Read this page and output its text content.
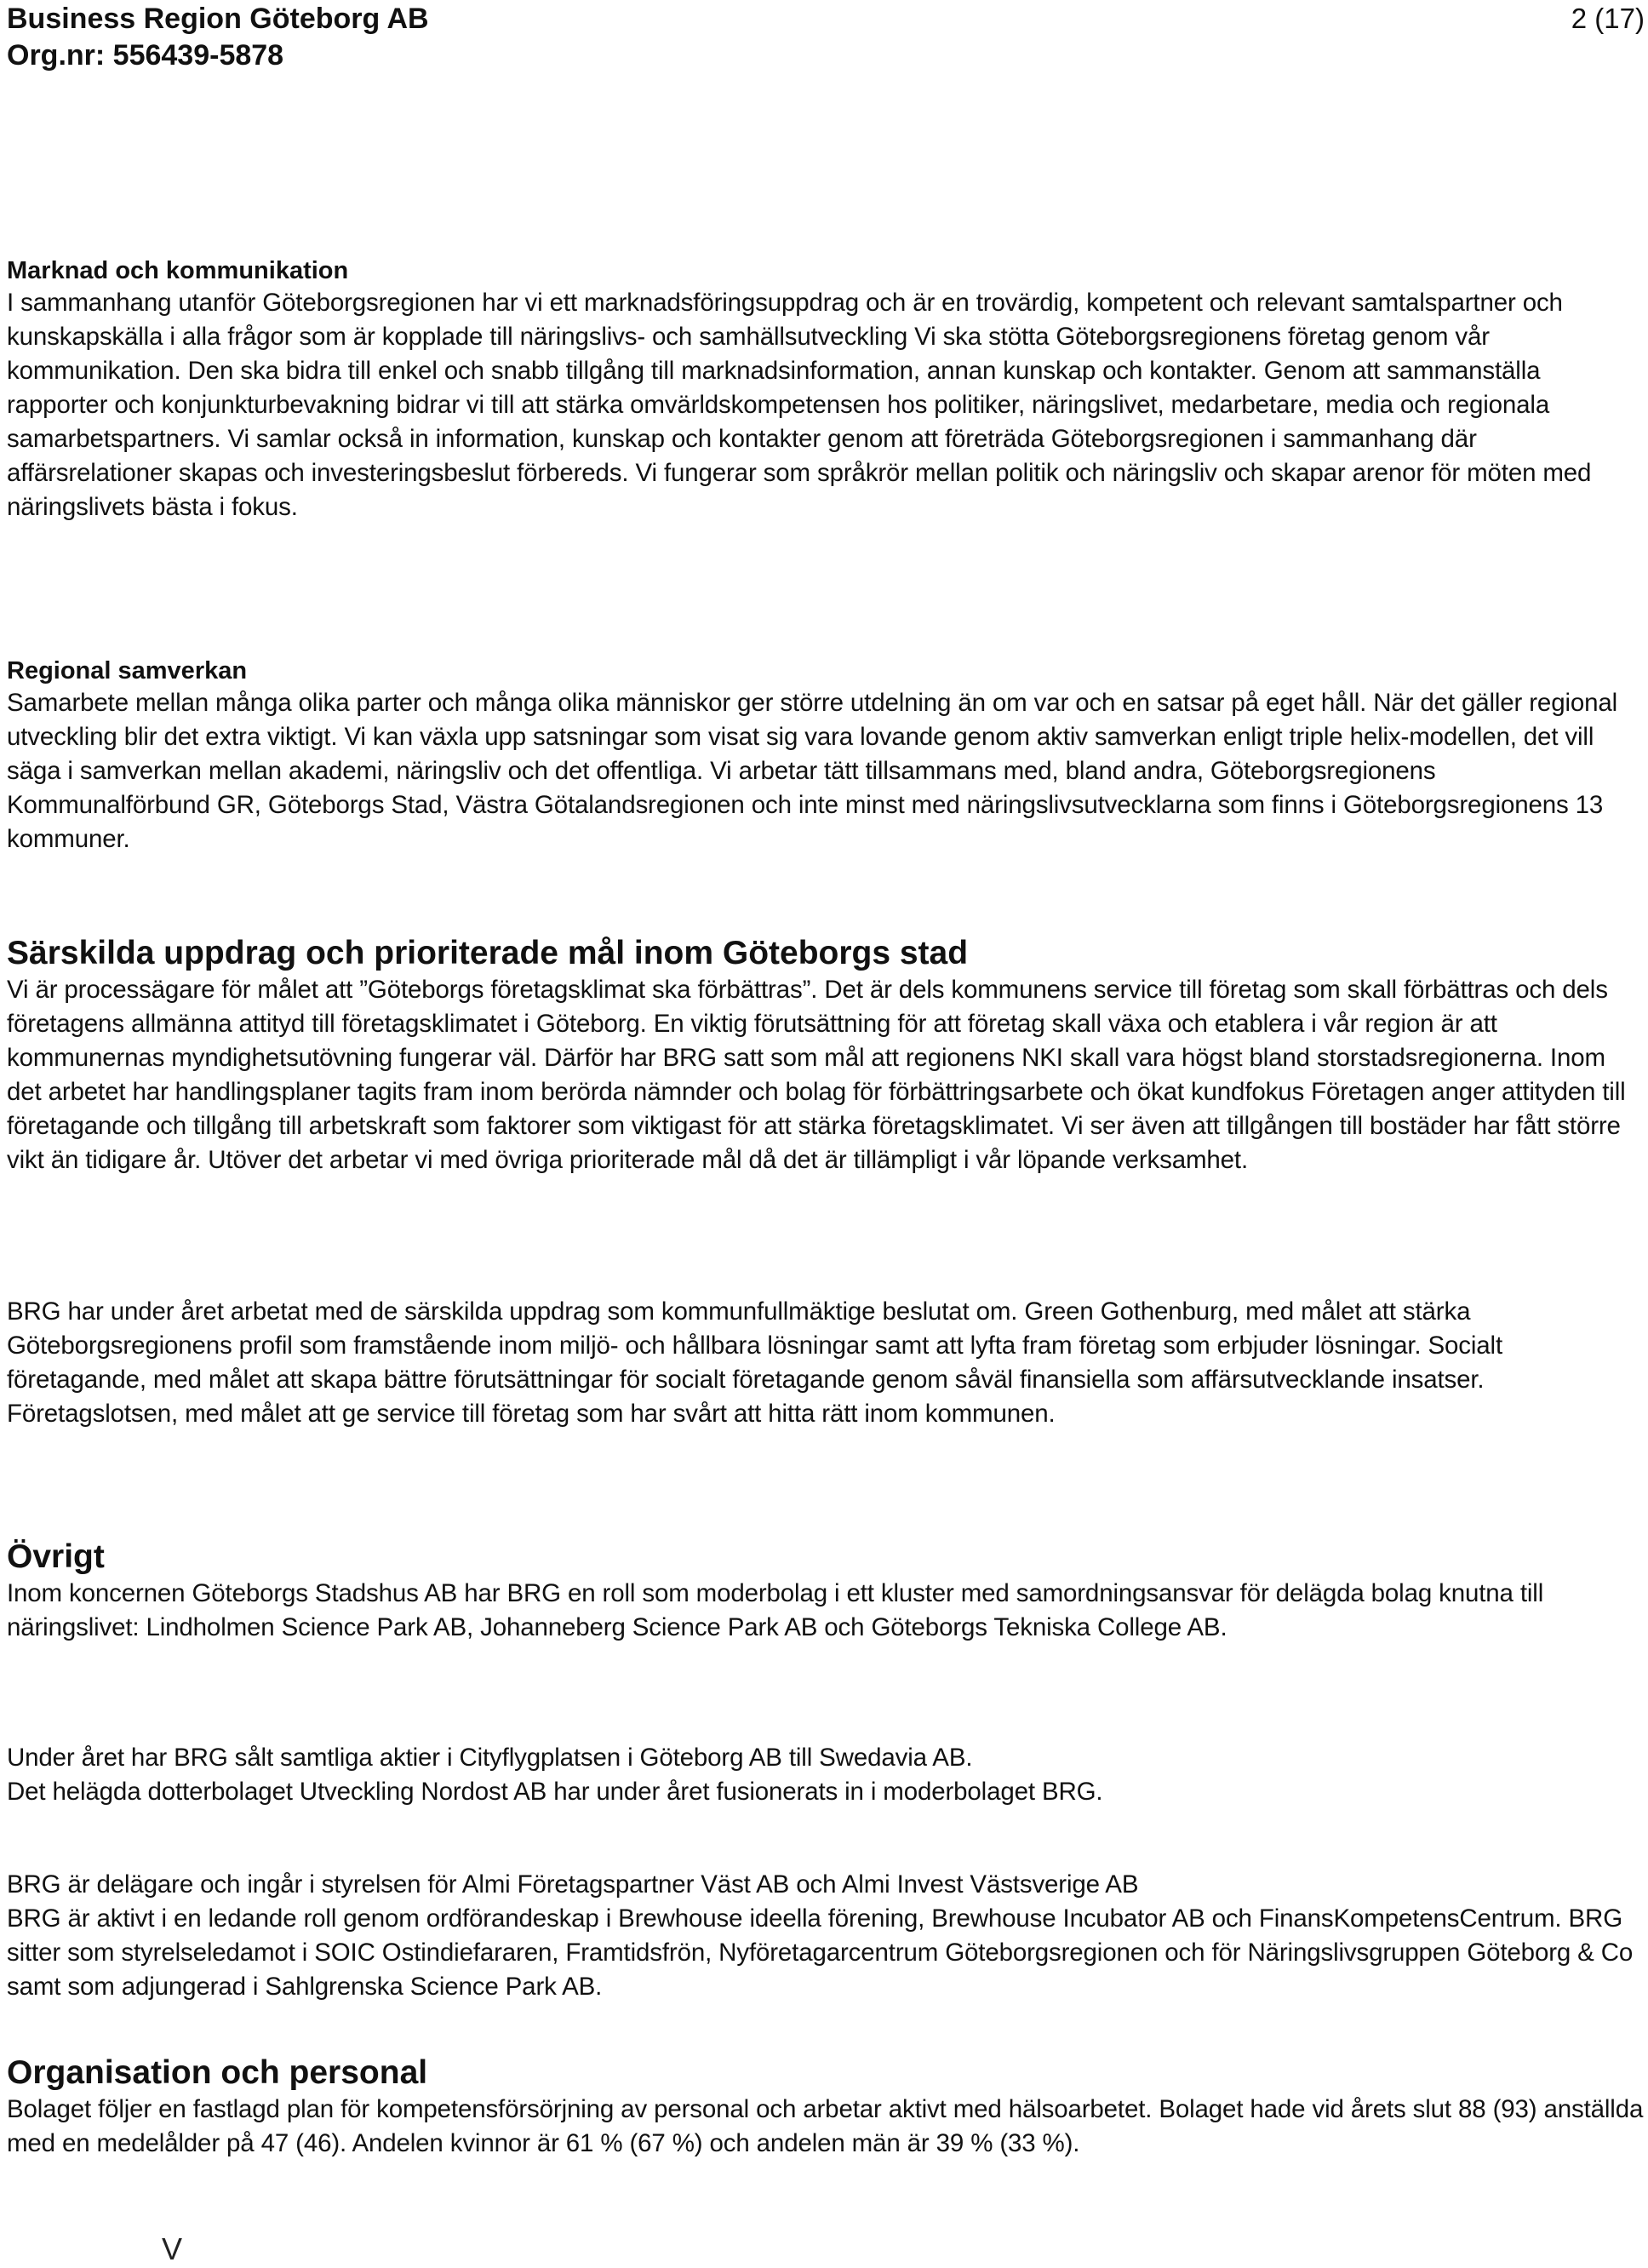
Business Region Göteborg AB

Org.nr: 556439-5878

2 (17)

Marknad och kommunikation

I sammanhang utanför Göteborgsregionen har vi ett marknadsföringsuppdrag och är en trovärdig, kompetent och relevant samtalspartner och kunskapskälla i alla frågor som är kopplade till näringslivs- och samhällsutveckling Vi ska stötta Göteborgsregionens företag genom vår kommunikation. Den ska bidra till enkel och snabb tillgång till marknadsinformation, annan kunskap och kontakter. Genom att sammanställa rapporter och konjunkturbevakning bidrar vi till att stärka omvärldskompetensen hos politiker, näringslivet, medarbetare, media och regionala samarbetspartners. Vi samlar också in information, kunskap och kontakter genom att företräda Göteborgsregionen i sammanhang där affärsrelationer skapas och investeringsbeslut förbereds. Vi fungerar som språkrör mellan politik och näringsliv och skapar arenor för möten med näringslivets bästa i fokus.

Regional samverkan

Samarbete mellan många olika parter och många olika människor ger större utdelning än om var och en satsar på eget håll. När det gäller regional utveckling blir det extra viktigt. Vi kan växla upp satsningar som visat sig vara lovande genom aktiv samverkan enligt triple helix-modellen, det vill säga i samverkan mellan akademi, näringsliv och det offentliga. Vi arbetar tätt tillsammans med, bland andra, Göteborgsregionens Kommunalförbund GR, Göteborgs Stad, Västra Götalandsregionen och inte minst med näringslivsutvecklarna som finns i Göteborgsregionens 13 kommuner.

Särskilda uppdrag och prioriterade mål inom Göteborgs stad

Vi är processägare för målet att ”Göteborgs företagsklimat ska förbättras”. Det är dels kommunens service till företag som skall förbättras och dels företagens allmänna attityd till företagsklimatet i Göteborg. En viktig förutsättning för att företag skall växa och etablera i vår region är att kommunernas myndighetsutövning fungerar väl. Därför har BRG satt som mål att regionens NKI skall vara högst bland storstadsregionerna. Inom det arbetet har handlingsplaner tagits fram inom berörda nämnder och bolag för förbättringsarbete och ökat kundfokus Företagen anger attityden till företagande och tillgång till arbetskraft som faktorer som viktigast för att stärka företagsklimatet. Vi ser även att tillgången till bostäder har fått större vikt än tidigare år. Utöver det arbetar vi med övriga prioriterade mål då det är tillämpligt i vår löpande verksamhet.

BRG har under året arbetat med de särskilda uppdrag som kommunfullmäktige beslutat om. Green Gothenburg, med målet att stärka Göteborgsregionens profil som framstående inom miljö- och hållbara lösningar samt att lyfta fram företag som erbjuder lösningar. Socialt företagande, med målet att skapa bättre förutsättningar för socialt företagande genom såväl finansiella som affärsutvecklande insatser. Företagslotsen, med målet att ge service till företag som har svårt att hitta rätt inom kommunen.

Övrigt

Inom koncernen Göteborgs Stadshus AB har BRG en roll som moderbolag i ett kluster med samordningsansvar för delägda bolag knutna till näringslivet: Lindholmen Science Park AB, Johanneberg Science Park AB och Göteborgs Tekniska College AB.

Under året har BRG sålt samtliga aktier i Cityflygplatsen i Göteborg AB till Swedavia AB.

Det helägda dotterbolaget Utveckling Nordost AB har under året fusionerats in i moderbolaget BRG.

BRG är delägare och ingår i styrelsen för Almi Företagspartner Väst AB och Almi Invest Västsverige AB

BRG är aktivt i en ledande roll genom ordförandeskap i Brewhouse ideella förening, Brewhouse Incubator AB och FinansKompetensCentrum. BRG sitter som styrelseledamot i SOIC Ostindiefararen, Framtidsfrön, Nyföretagarcentrum Göteborgsregionen och för Näringslivsgruppen Göteborg & Co samt som adjungerad i Sahlgrenska Science Park AB.

Organisation och personal

Bolaget följer en fastlagd plan för kompetensförsörjning av personal och arbetar aktivt med hälsoarbetet. Bolaget hade vid årets slut 88 (93) anställda med en medelålder på 47 (46). Andelen kvinnor är 61 % (67 %) och andelen män är 39 % (33 %).

V
